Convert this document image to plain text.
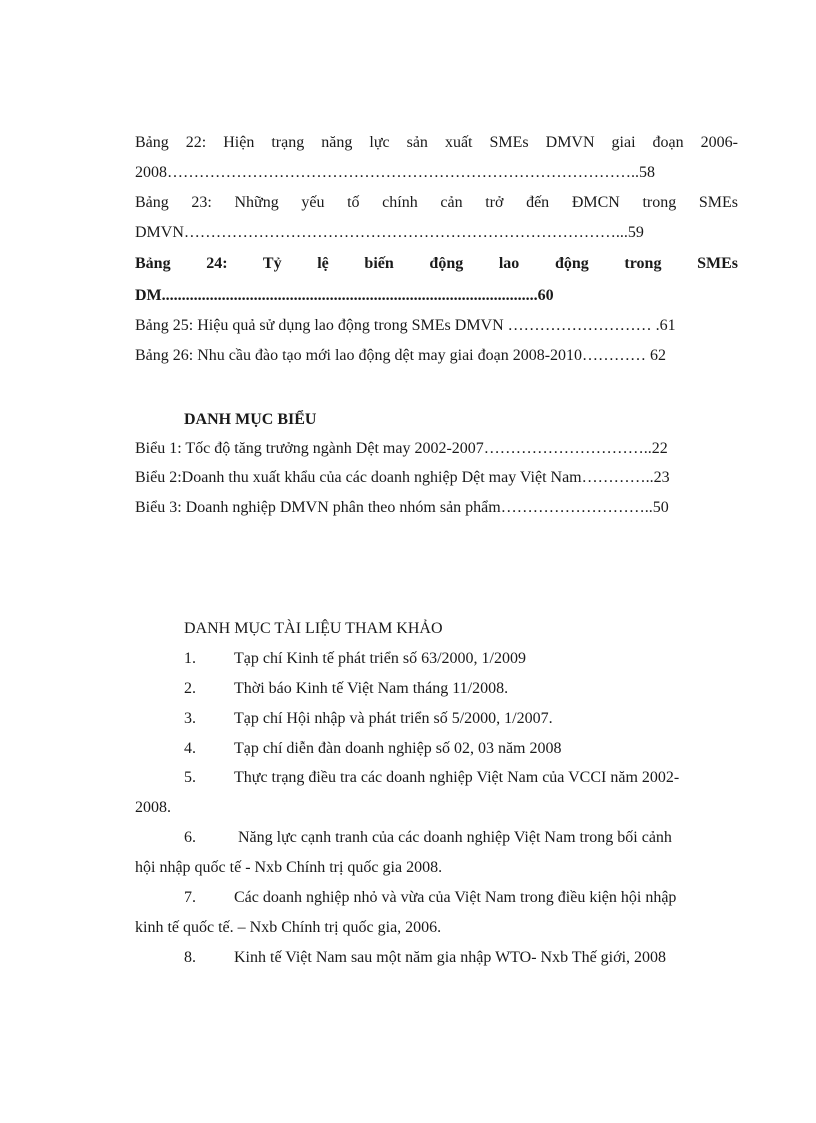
Bảng 22: Hiện trạng năng lực sản xuất SMEs DMVN giai đoạn 2006-
2008……………………………………………………………………………..58
Bảng 23: Những yếu tố chính cản trở đến ĐMCN trong SMEs
DMVN………………………………………………………………………...59
Bảng 24: Tỷ lệ biến động lao động trong SMEs
DM..............................................................................................60
Bảng 25: Hiệu quả sử dụng lao động trong SMEs DMVN ……………………… .61
Bảng 26: Nhu cầu đào tạo mới lao động dệt may giai đoạn 2008-2010………… 62
DANH MỤC BIỂU
Biểu 1: Tốc độ tăng trưởng ngành Dệt may 2002-2007…………………………..22
Biểu 2:Doanh thu xuất khẩu của các doanh nghiệp Dệt may Việt Nam…………..23
Biểu 3: Doanh nghiệp DMVN phân theo nhóm sản phẩm………………………..50
DANH MỤC TÀI LIỆU THAM KHẢO
1. Tạp chí Kinh tế phát triển số 63/2000, 1/2009
2. Thời báo Kinh tế Việt Nam tháng 11/2008.
3. Tạp chí Hội nhập và phát triển số 5/2000, 1/2007.
4. Tạp chí diễn đàn doanh nghiệp số 02, 03 năm 2008
5. Thực trạng điều tra các doanh nghiệp Việt Nam của VCCI năm 2002-
2008.
6. Năng lực cạnh tranh của các doanh nghiệp Việt Nam trong bối cảnh
hội nhập quốc tế - Nxb Chính trị quốc gia 2008.
7. Các doanh nghiệp nhỏ và vừa của Việt Nam trong điều kiện hội nhập
kinh tế quốc tế. – Nxb Chính trị quốc gia, 2006.
8. Kinh tế Việt Nam sau một năm gia nhập WTO- Nxb Thế giới, 2008
